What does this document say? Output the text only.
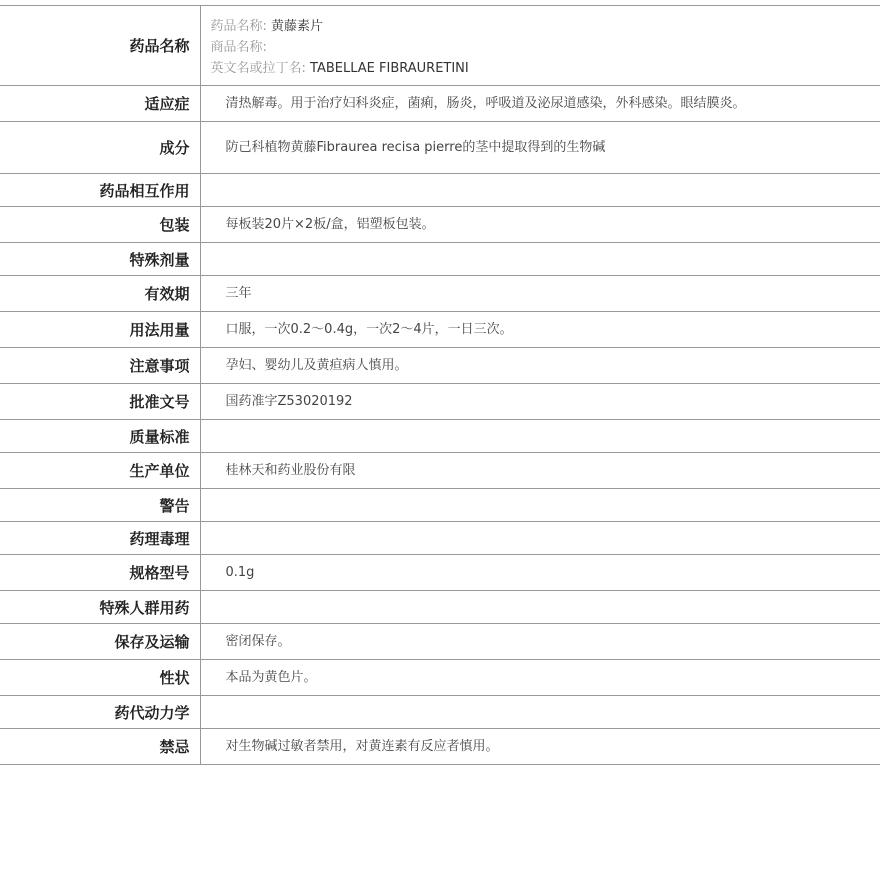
药品名称	药品名称: 黄藤素片
商品名称:
英文名或拉丁名: TABELLAE FIBRAURETINI

适应症	清热解毒。用于治疗妇科炎症，菌痢，肠炎，呼吸道及泌尿道感染，外科感染。眼结膜炎。
成分	防己科植物黄藤Fibraurea recisa pierre的茎中提取得到的生物碱
药品相互作用	
包装	每板装20片×2板/盒，铝塑板包装。
特殊剂量	
有效期	三年
用法用量	口服，一次0.2～0.4g，一次2～4片，一日三次。
注意事项	孕妇、婴幼儿及黄疸病人慎用。
批准文号	国药准字Z53020192
质量标准	
生产单位	桂林天和药业股份有限
警告	
药理毒理	
规格型号	0.1g
特殊人群用药	
保存及运输	密闭保存。
性状	本品为黄色片。
药代动力学	
禁忌	对生物碱过敏者禁用，对黄连素有反应者慎用。
